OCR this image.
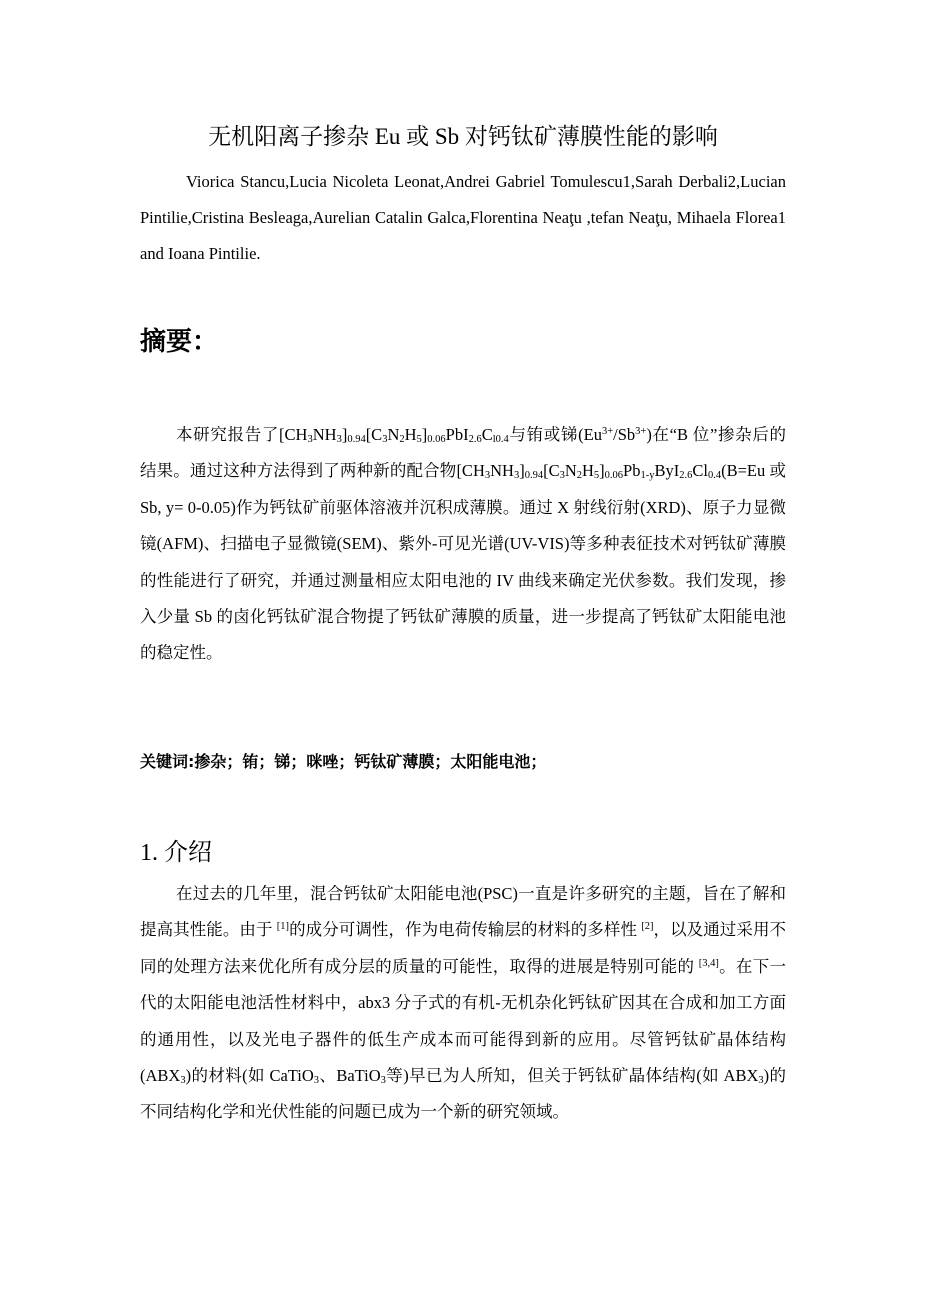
无机阳离子掺杂 Eu 或 Sb 对钙钛矿薄膜性能的影响
Viorica Stancu,Lucia Nicoleta Leonat,Andrei Gabriel Tomulescu1,Sarah Derbali2,Lucian Pintilie,Cristina Besleaga,Aurelian Catalin Galca,Florentina Neaţu ,tefan Neaţu, Mihaela Florea1 and Ioana Pintilie.
摘要：
本研究报告了$[CH_3NH_3]_{0.94}[C_3N_2H_5]_{0.06}PbI_{2.6}C_{l0.4}$与铕或锑$(Eu^{3+}/Sb^{3+})$在“B 位”掺杂后的结果。通过这种方法得到了两种新的配合物$[CH_3NH_3]_{0.94}[C_3N_2H_5]_{0.06}Pb_{1-y}ByI_{2.6}Cl_{0.4}(B=Eu$ 或 Sb, y= 0-0.05)作为钙钛矿前驱体溶液并沉积成薄膜。通过 X 射线衍射(XRD)、原子力显微镜(AFM)、扫描电子显微镜(SEM)、紫外-可见光谱(UV-VIS)等多种表征技术对钙钛矿薄膜的性能进行了研究，并通过测量相应太阳电池的 IV 曲线来确定光伏参数。我们发现，掺入少量 Sb 的卤化钙钛矿混合物提了钙钛矿薄膜的质量，进一步提高了钙钛矿太阳能电池的稳定性。
关键词:掺杂；铕；锑；咪唑；钙钛矿薄膜；太阳能电池；
1. 介绍
在过去的几年里，混合钙钛矿太阳能电池(PSC)一直是许多研究的主题，旨在了解和提高其性能。由于 [1]的成分可调性，作为电荷传输层的材料的多样性 [2]，以及通过采用不同的处理方法来优化所有成分层的质量的可能性，取得的进展是特别可能的 [3,4]。在下一代的太阳能电池活性材料中，abx3 分子式的有机-无机杂化钙钛矿因其在合成和加工方面的通用性，以及光电子器件的低生产成本而可能得到新的应用。尽管钙钛矿晶体结构$(ABX_3)$的材料(如 CaTiO$_3$、BaTiO$_3$等)早已为人所知，但关于钙钛矿晶体结构(如 $ABX_3$)的不同结构化学和光伏性能的问题已成为一个新的研究领域。
